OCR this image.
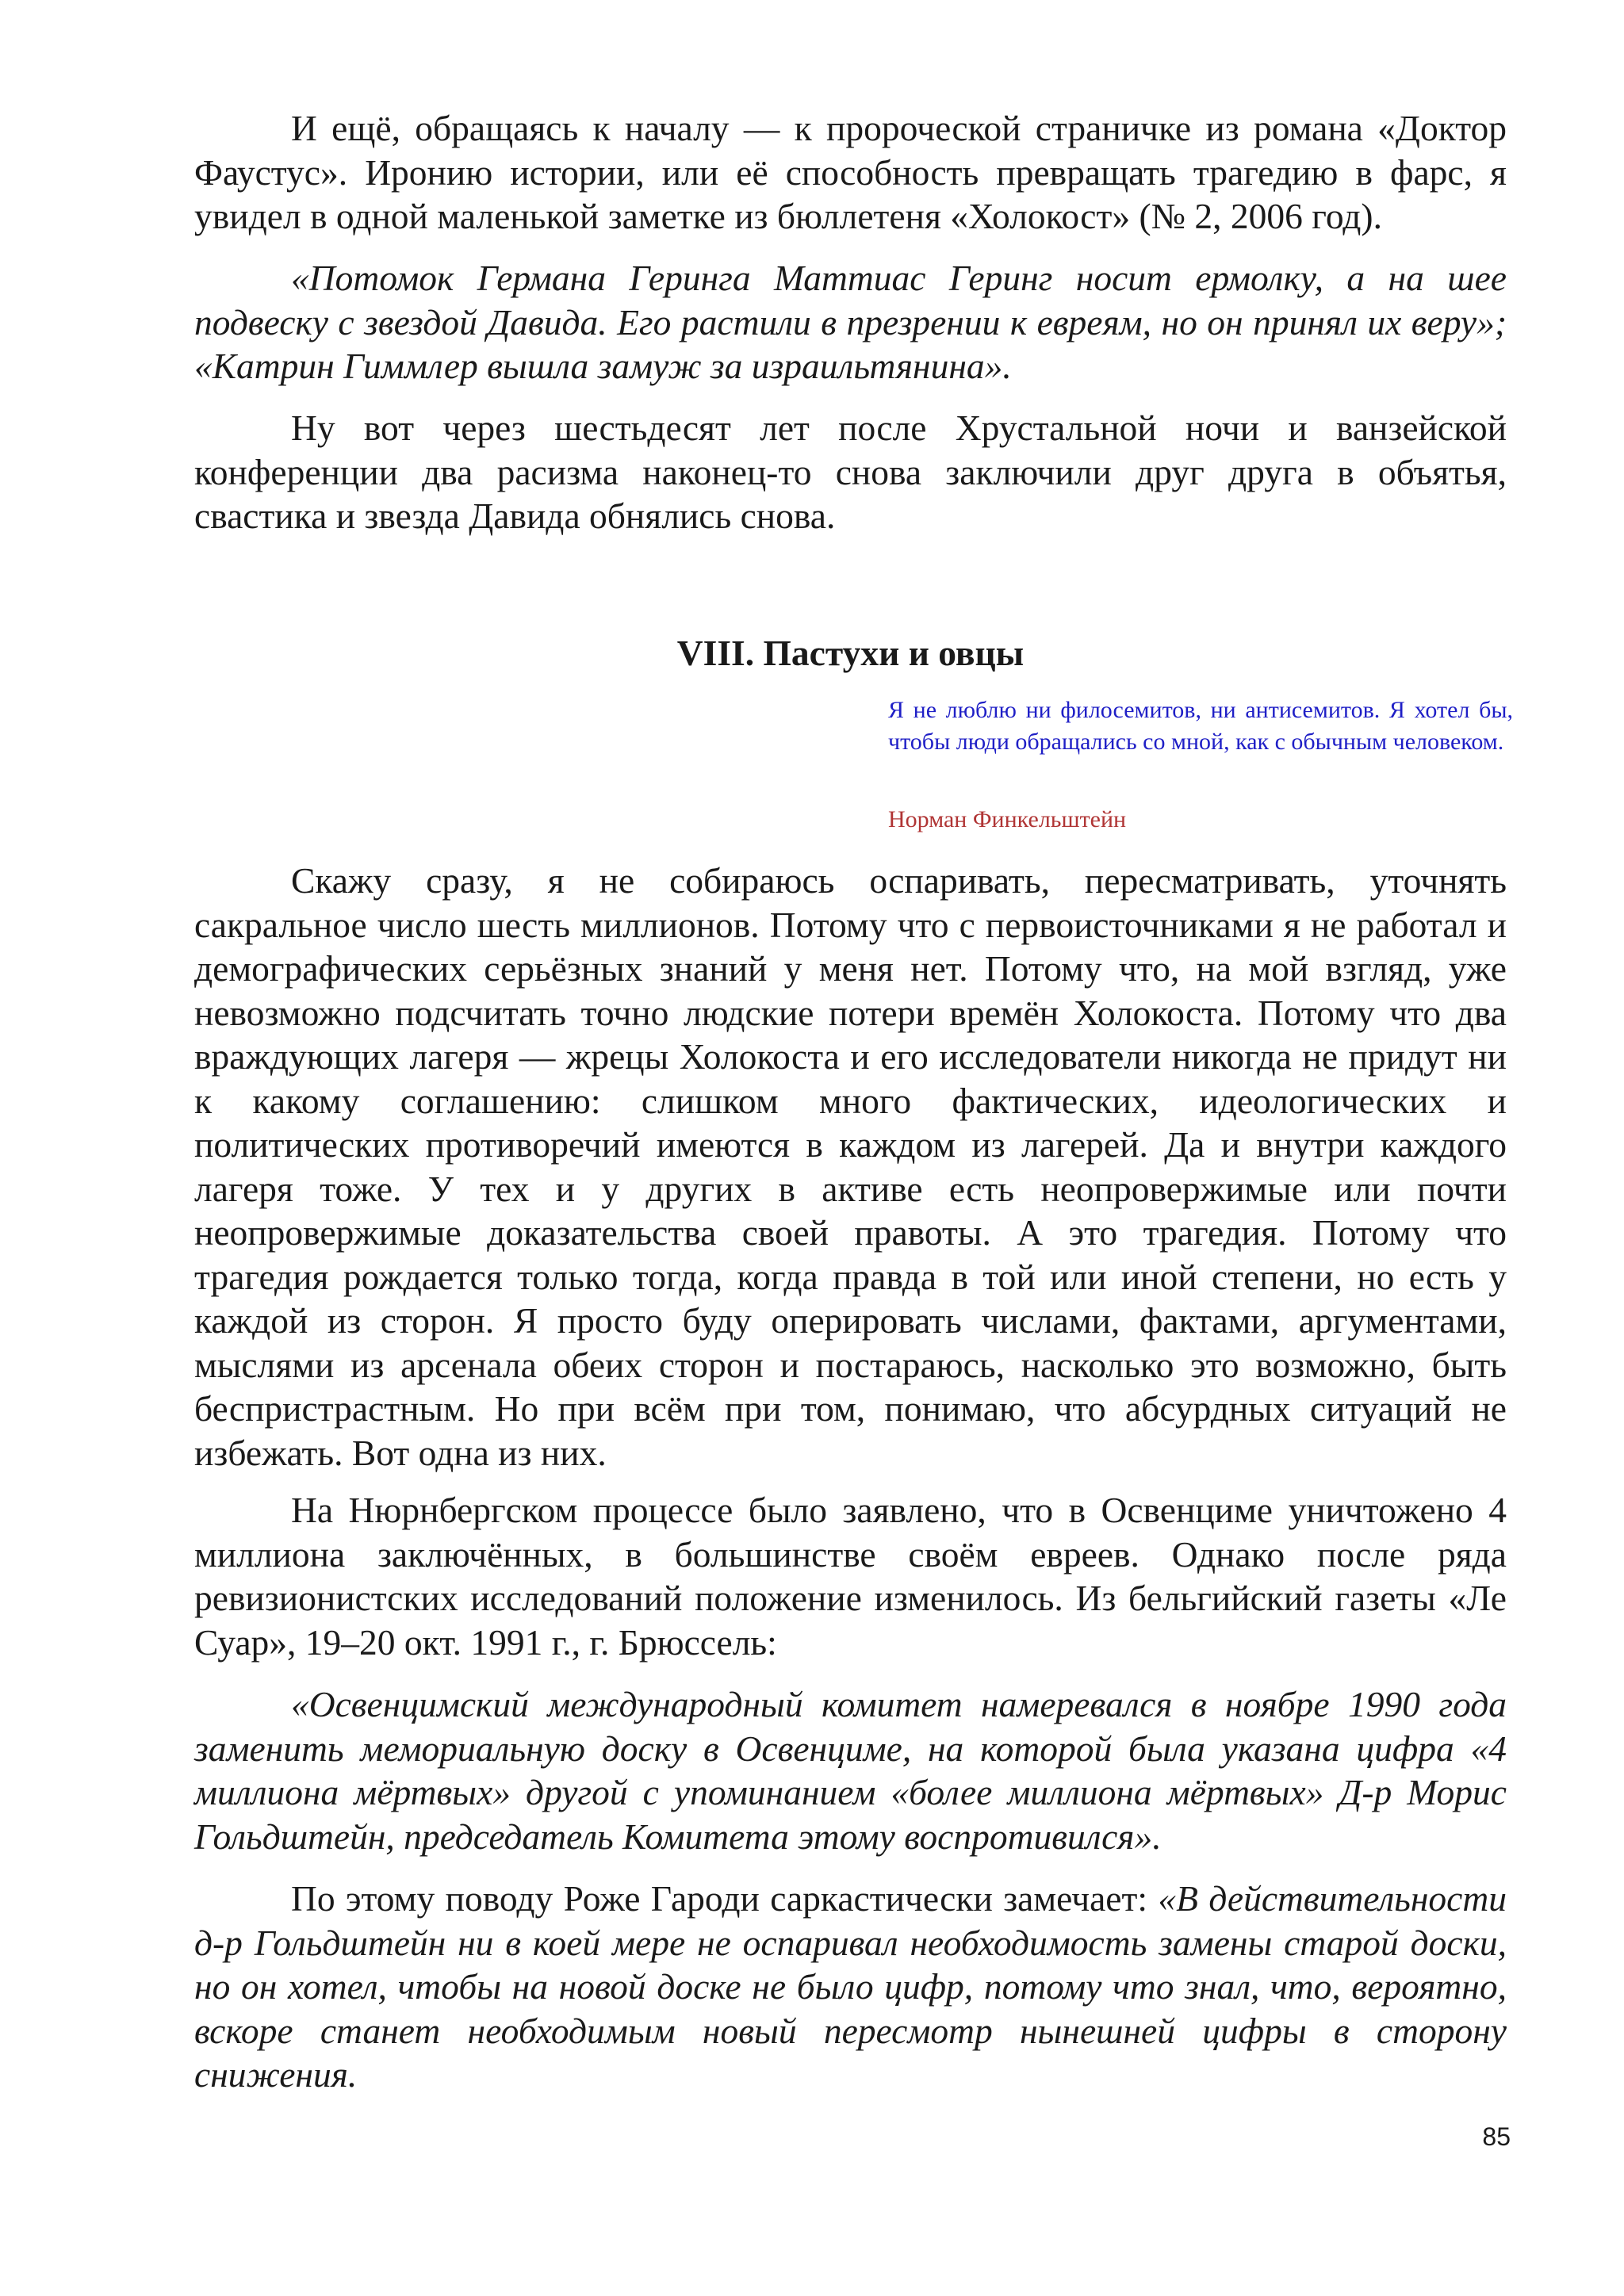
И ещё, обращаясь к началу — к пророческой страничке из романа «Доктор Фаустус». Иронию истории, или её способность превращать трагедию в фарс, я увидел в одной маленькой заметке из бюллетеня «Холокост» (№ 2, 2006 год).

«Потомок Германа Геринга Маттиас Геринг носит ермолку, а на шее подвеску с звездой Давида. Его растили в презрении к евреям, но он принял их веру»; «Катрин Гиммлер вышла замуж за израильтянина».

Ну вот через шестьдесят лет после Хрустальной ночи и ванзейской конференции два расизма наконец-то снова заключили друг друга в объятья, свастика и звезда Давида обнялись снова.

VIII. Пастухи и овцы

Я не люблю ни филосемитов, ни антисемитов. Я хотел бы, чтобы люди обращались со мной, как с обычным человеком.

Норман Финкельштейн

Скажу сразу, я не собираюсь оспаривать, пересматривать, уточнять сакральное число шесть миллионов. Потому что с первоисточниками я не работал и демографических серьёзных знаний у меня нет. Потому что, на мой взгляд, уже невозможно подсчитать точно людские потери времён Холокоста. Потому что два враждующих лагеря — жрецы Холокоста и его исследователи никогда не придут ни к какому соглашению: слишком много фактических, идеологических и политических противоречий имеются в каждом из лагерей. Да и внутри каждого лагеря тоже. У тех и у других в активе есть неопровержимые или почти неопровержимые доказательства своей правоты. А это трагедия. Потому что трагедия рождается только тогда, когда правда в той или иной степени, но есть у каждой из сторон. Я просто буду оперировать числами, фактами, аргументами, мыслями из арсенала обеих сторон и постараюсь, насколько это возможно, быть беспристрастным. Но при всём при том, понимаю, что абсурдных ситуаций не избежать. Вот одна из них.

На Нюрнбергском процессе было заявлено, что в Освенциме уничтожено 4 миллиона заключённых, в большинстве своём евреев. Однако после ряда ревизионистских исследований положение изменилось. Из бельгийский газеты «Ле Суар», 19–20 окт. 1991 г., г. Брюссель:

«Освенцимский международный комитет намеревался в ноябре 1990 года заменить мемориальную доску в Освенциме, на которой была указана цифра «4 миллиона мёртвых» другой с упоминанием «более миллиона мёртвых» Д-р Морис Гольдштейн, председатель Комитета этому воспротивился».

По этому поводу Роже Гароди саркастически замечает: «В действительности д-р Гольдштейн ни в коей мере не оспаривал необходимость замены старой доски, но он хотел, чтобы на новой доске не было цифр, потому что знал, что, вероятно, вскоре станет необходимым новый пересмотр нынешней цифры в сторону снижения.

85
